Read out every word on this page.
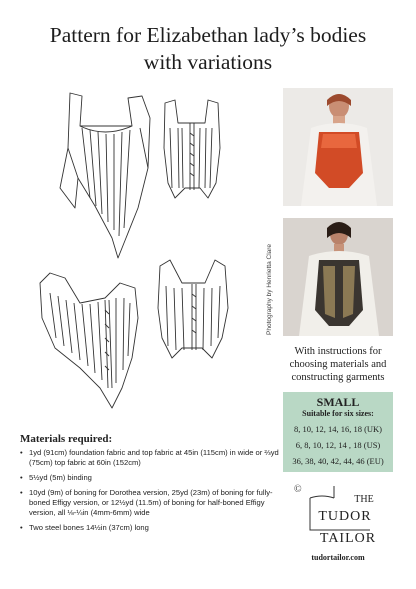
Pattern for Elizabethan lady’s bodies
with variations
Photography by Henrietta Clare
With instructions for
choosing materials and
constructing garments
SMALL
Suitable for six sizes:
8, 10, 12, 14, 16, 18 (UK)
6, 8, 10, 12, 14 , 18 (US)
36, 38, 40, 42, 44, 46 (EU)
Materials required:
• 1yd (91cm) foundation fabric and top fabric at 45in (115cm) in wide or ⅔yd (75cm) top fabric at 60in (152cm)
• 5½yd (5m) binding
• 10yd (9m) of boning for Dorothea version, 25yd (23m) of boning for fully-boned Effigy version, or 12½yd (11.5m) of boning for half-boned Effigy version, all ⅛-¼in (4mm-6mm) wide
• Two steel bones 14½in (37cm) long
©
THE
TUDOR
TAILOR
tudortailor.com
